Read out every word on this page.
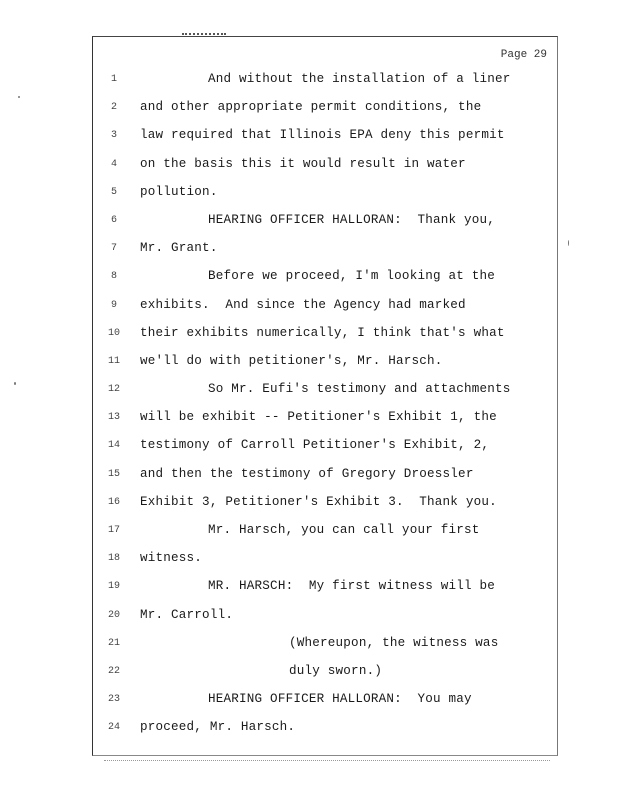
Page 29
1	And without the installation of a liner
2	and other appropriate permit conditions, the
3	law required that Illinois EPA deny this permit
4	on the basis this it would result in water
5	pollution.
6	HEARING OFFICER HALLORAN:  Thank you,
7	Mr. Grant.
8	Before we proceed, I'm looking at the
9	exhibits.  And since the Agency had marked
10 their exhibits numerically, I think that's what
11 we'll do with petitioner's, Mr. Harsch.
12	So Mr. Eufi's testimony and attachments
13 will be exhibit -- Petitioner's Exhibit 1, the
14 testimony of Carroll Petitioner's Exhibit, 2,
15 and then the testimony of Gregory Droessler
16 Exhibit 3, Petitioner's Exhibit 3.  Thank you.
17	Mr. Harsch, you can call your first
18 witness.
19	MR. HARSCH:  My first witness will be
20 Mr. Carroll.
21	(Whereupon, the witness was
22	duly sworn.)
23	HEARING OFFICER HALLORAN:  You may
24 proceed, Mr. Harsch.
